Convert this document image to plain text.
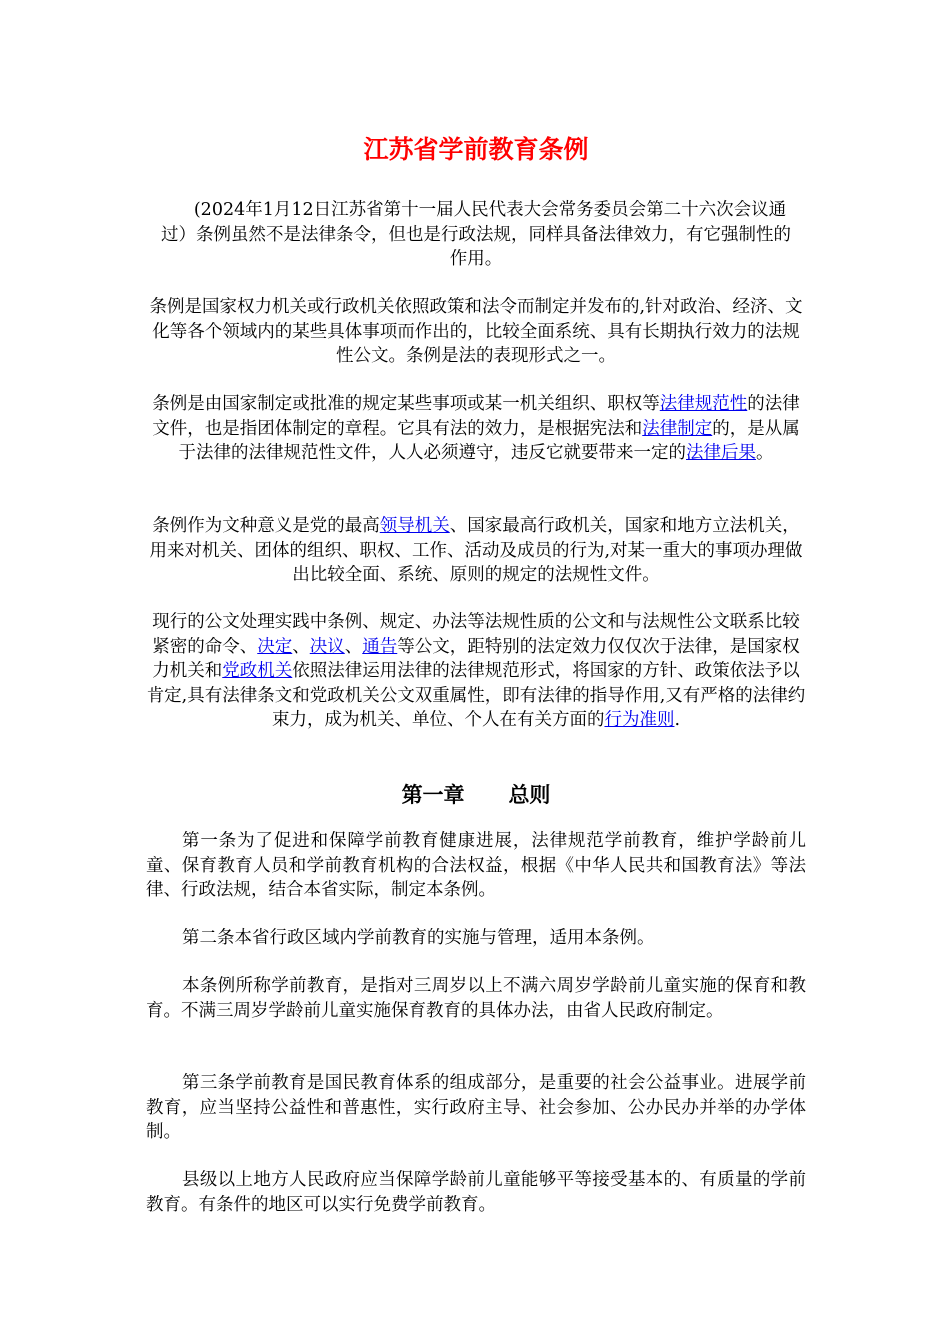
江苏省学前教育条例

(2024年1月12日江苏省第十一届人民代表大会常务委员会第二十六次会议通过）条例虽然不是法律条令，但也是行政法规，同样具备法律效力，有它强制性的作用。

条例是国家权力机关或行政机关依照政策和法令而制定并发布的,针对政治、经济、文化等各个领域内的某些具体事项而作出的，比较全面系统、具有长期执行效力的法规性公文。条例是法的表现形式之一。

条例是由国家制定或批准的规定某些事项或某一机关组织、职权等法律规范性的法律文件，也是指团体制定的章程。它具有法的效力，是根据宪法和法律制定的，是从属于法律的法律规范性文件，人人必须遵守，违反它就要带来一定的法律后果。

条例作为文种意义是党的最高领导机关、国家最高行政机关，国家和地方立法机关，用来对机关、团体的组织、职权、工作、活动及成员的行为,对某一重大的事项办理做出比较全面、系统、原则的规定的法规性文件。

现行的公文处理实践中条例、规定、办法等法规性质的公文和与法规性公文联系比较紧密的命令、决定、决议、通告等公文，距特别的法定效力仅仅次于法律，是国家权力机关和党政机关依照法律运用法律的法律规范形式，将国家的方针、政策依法予以肯定,具有法律条文和党政机关公文双重属性，即有法律的指导作用,又有严格的法律约束力，成为机关、单位、个人在有关方面的行为准则.

第一章 总则

第一条为了促进和保障学前教育健康进展，法律规范学前教育，维护学龄前儿童、保育教育人员和学前教育机构的合法权益，根据《中华人民共和国教育法》等法律、行政法规，结合本省实际，制定本条例。

第二条本省行政区域内学前教育的实施与管理，适用本条例。

本条例所称学前教育，是指对三周岁以上不满六周岁学龄前儿童实施的保育和教育。不满三周岁学龄前儿童实施保育教育的具体办法，由省人民政府制定。

第三条学前教育是国民教育体系的组成部分，是重要的社会公益事业。进展学前教育，应当坚持公益性和普惠性，实行政府主导、社会参加、公办民办并举的办学体制。

县级以上地方人民政府应当保障学龄前儿童能够平等接受基本的、有质量的学前教育。有条件的地区可以实行免费学前教育。
